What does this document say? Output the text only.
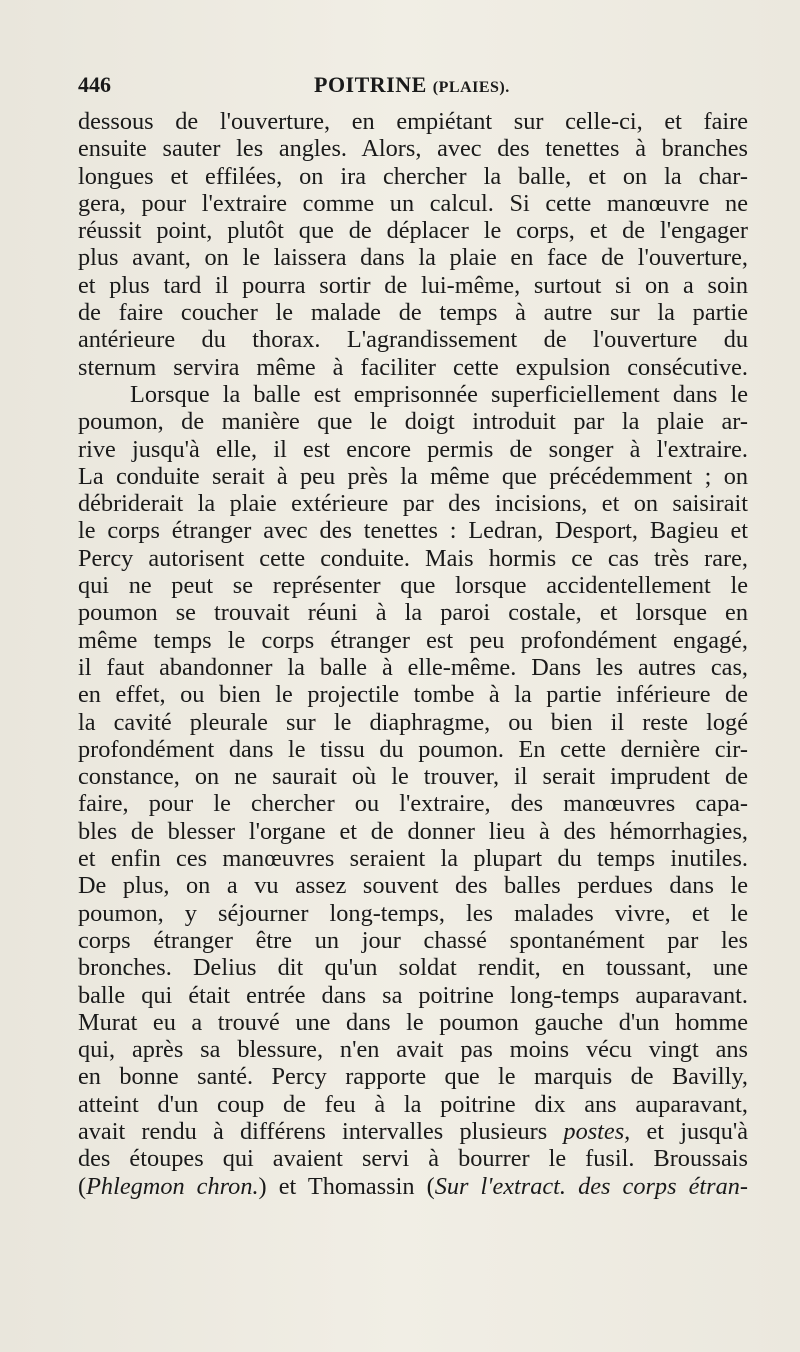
446	POITRINE (PLAIES).
dessous de l'ouverture, en empiétant sur celle-ci, et faire
ensuite sauter les angles. Alors, avec des tenettes à branches
longues et effilées, on ira chercher la balle, et on la char-
gera, pour l'extraire comme un calcul. Si cette manœuvre ne
réussit point, plutôt que de déplacer le corps, et de l'engager
plus avant, on le laissera dans la plaie en face de l'ouverture,
et plus tard il pourra sortir de lui-même, surtout si on a soin
de faire coucher le malade de temps à autre sur la partie
antérieure du thorax. L'agrandissement de l'ouverture du
sternum servira même à faciliter cette expulsion consécutive.
Lorsque la balle est emprisonnée superficiellement dans le
poumon, de manière que le doigt introduit par la plaie ar-
rive jusqu'à elle, il est encore permis de songer à l'extraire.
La conduite serait à peu près la même que précédemment ; on
débriderait la plaie extérieure par des incisions, et on saisirait
le corps étranger avec des tenettes : Ledran, Desport, Bagieu et
Percy autorisent cette conduite. Mais hormis ce cas très rare,
qui ne peut se représenter que lorsque accidentellement le
poumon se trouvait réuni à la paroi costale, et lorsque en
même temps le corps étranger est peu profondément engagé,
il faut abandonner la balle à elle-même. Dans les autres cas,
en effet, ou bien le projectile tombe à la partie inférieure de
la cavité pleurale sur le diaphragme, ou bien il reste logé
profondément dans le tissu du poumon. En cette dernière cir-
constance, on ne saurait où le trouver, il serait imprudent de
faire, pour le chercher ou l'extraire, des manœuvres capa-
bles de blesser l'organe et de donner lieu à des hémorrhagies,
et enfin ces manœuvres seraient la plupart du temps inutiles.
De plus, on a vu assez souvent des balles perdues dans le
poumon, y séjourner long-temps, les malades vivre, et le
corps étranger être un jour chassé spontanément par les
bronches. Delius dit qu'un soldat rendit, en toussant, une
balle qui était entrée dans sa poitrine long-temps auparavant.
Murat eu a trouvé une dans le poumon gauche d'un homme
qui, après sa blessure, n'en avait pas moins vécu vingt ans
en bonne santé. Percy rapporte que le marquis de Bavilly,
atteint d'un coup de feu à la poitrine dix ans auparavant,
avait rendu à différens intervalles plusieurs postes, et jusqu'à
des étoupes qui avaient servi à bourrer le fusil. Broussais
(Phlegmon chron.) et Thomassin (Sur l'extract. des corps étran-
